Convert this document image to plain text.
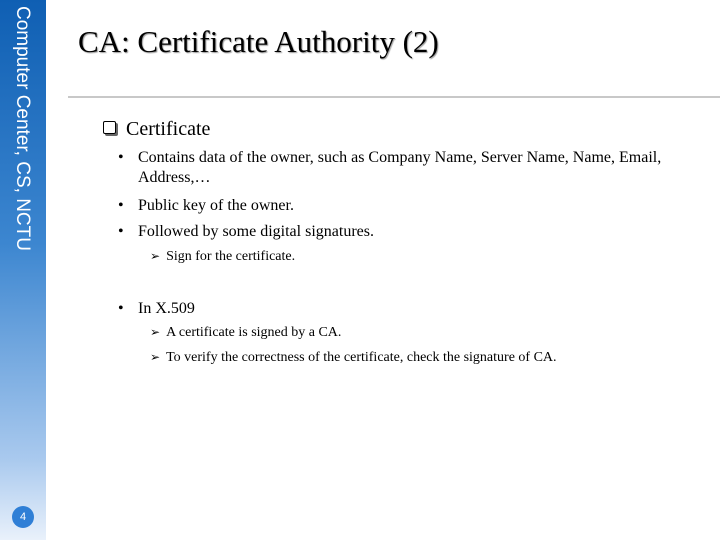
Computer Center, CS, NCTU
4
CA: Certificate Authority (2)
Certificate
• Contains data of the owner, such as Company Name, Server Name, Name, Email, Address,…
• Public key of the owner.
• Followed by some digital signatures.
➢ Sign for the certificate.
• In X.509
➢ A certificate is signed by a CA.
➢ To verify the correctness of the certificate, check the signature of CA.
